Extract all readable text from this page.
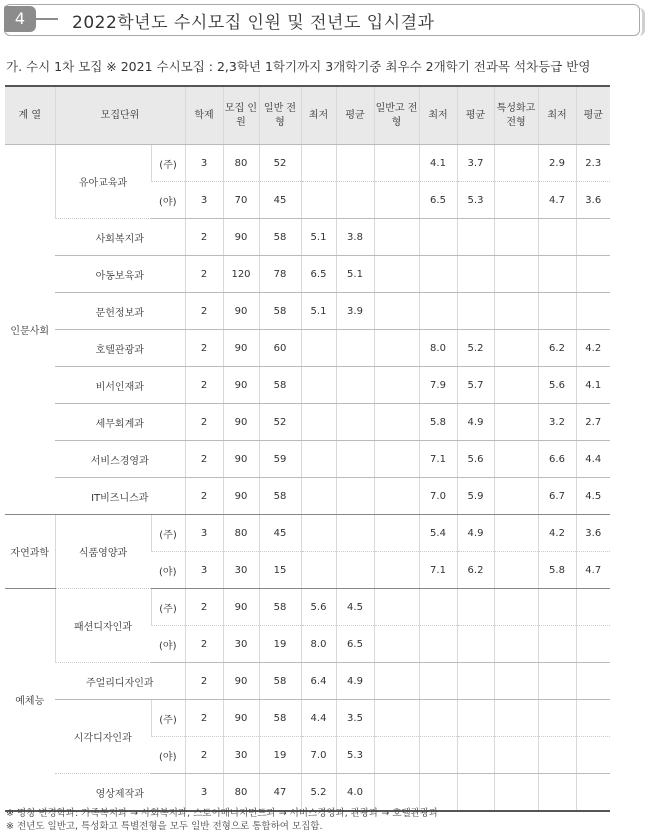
4	2022학년도 수시모집 인원 및 전년도 입시결과
가. 수시 1차 모집 ※ 2021 수시모집 : 2,3학년 1학기까지 3개학기중 최우수 2개학기 전과목 석차등급 반영
계 열	모집단위		학제	모집 인원	일반 전형	최저	평균	일반고 전형	최저	평균	특성화고 전형	최저	평균
인문사회	유아교육과	(주)	3	80	52				4.1	3.7		2.9	2.3
		(야)	3	70	45				6.5	5.3		4.7	3.6
	사회복지과		2	90	58	5.1	3.8						
	아동보육과		2	120	78	6.5	5.1						
	문헌정보과		2	90	58	5.1	3.9						
	호텔관광과		2	90	60				8.0	5.2		6.2	4.2
	비서인재과		2	90	58				7.9	5.7		5.6	4.1
	세무회계과		2	90	52				5.8	4.9		3.2	2.7
	서비스경영과		2	90	59				7.1	5.6		6.6	4.4
	IT비즈니스과		2	90	58				7.0	5.9		6.7	4.5
자연과학	식품영양과	(주)	3	80	45				5.4	4.9		4.2	3.6
		(야)	3	30	15				7.1	6.2		5.8	4.7
예체능	패션디자인과	(주)	2	90	58	5.6	4.5						
		(야)	2	30	19	8.0	6.5						
	주얼리디자인과		2	90	58	6.4	4.9						
	시각디자인과	(주)	2	90	58	4.4	3.5						
		(야)	2	30	19	7.0	5.3						
	영상제작과		3	80	47	5.2	4.0						
※ 명칭 변경학과: 가족복지과 → 사회복지과, 스토어매니지먼트과 → 서비스경영과, 관광과 → 호텔관광과
※ 전년도 일반고, 특성화고 특별전형을 모두 일반 전형으로 통합하여 모집함.
